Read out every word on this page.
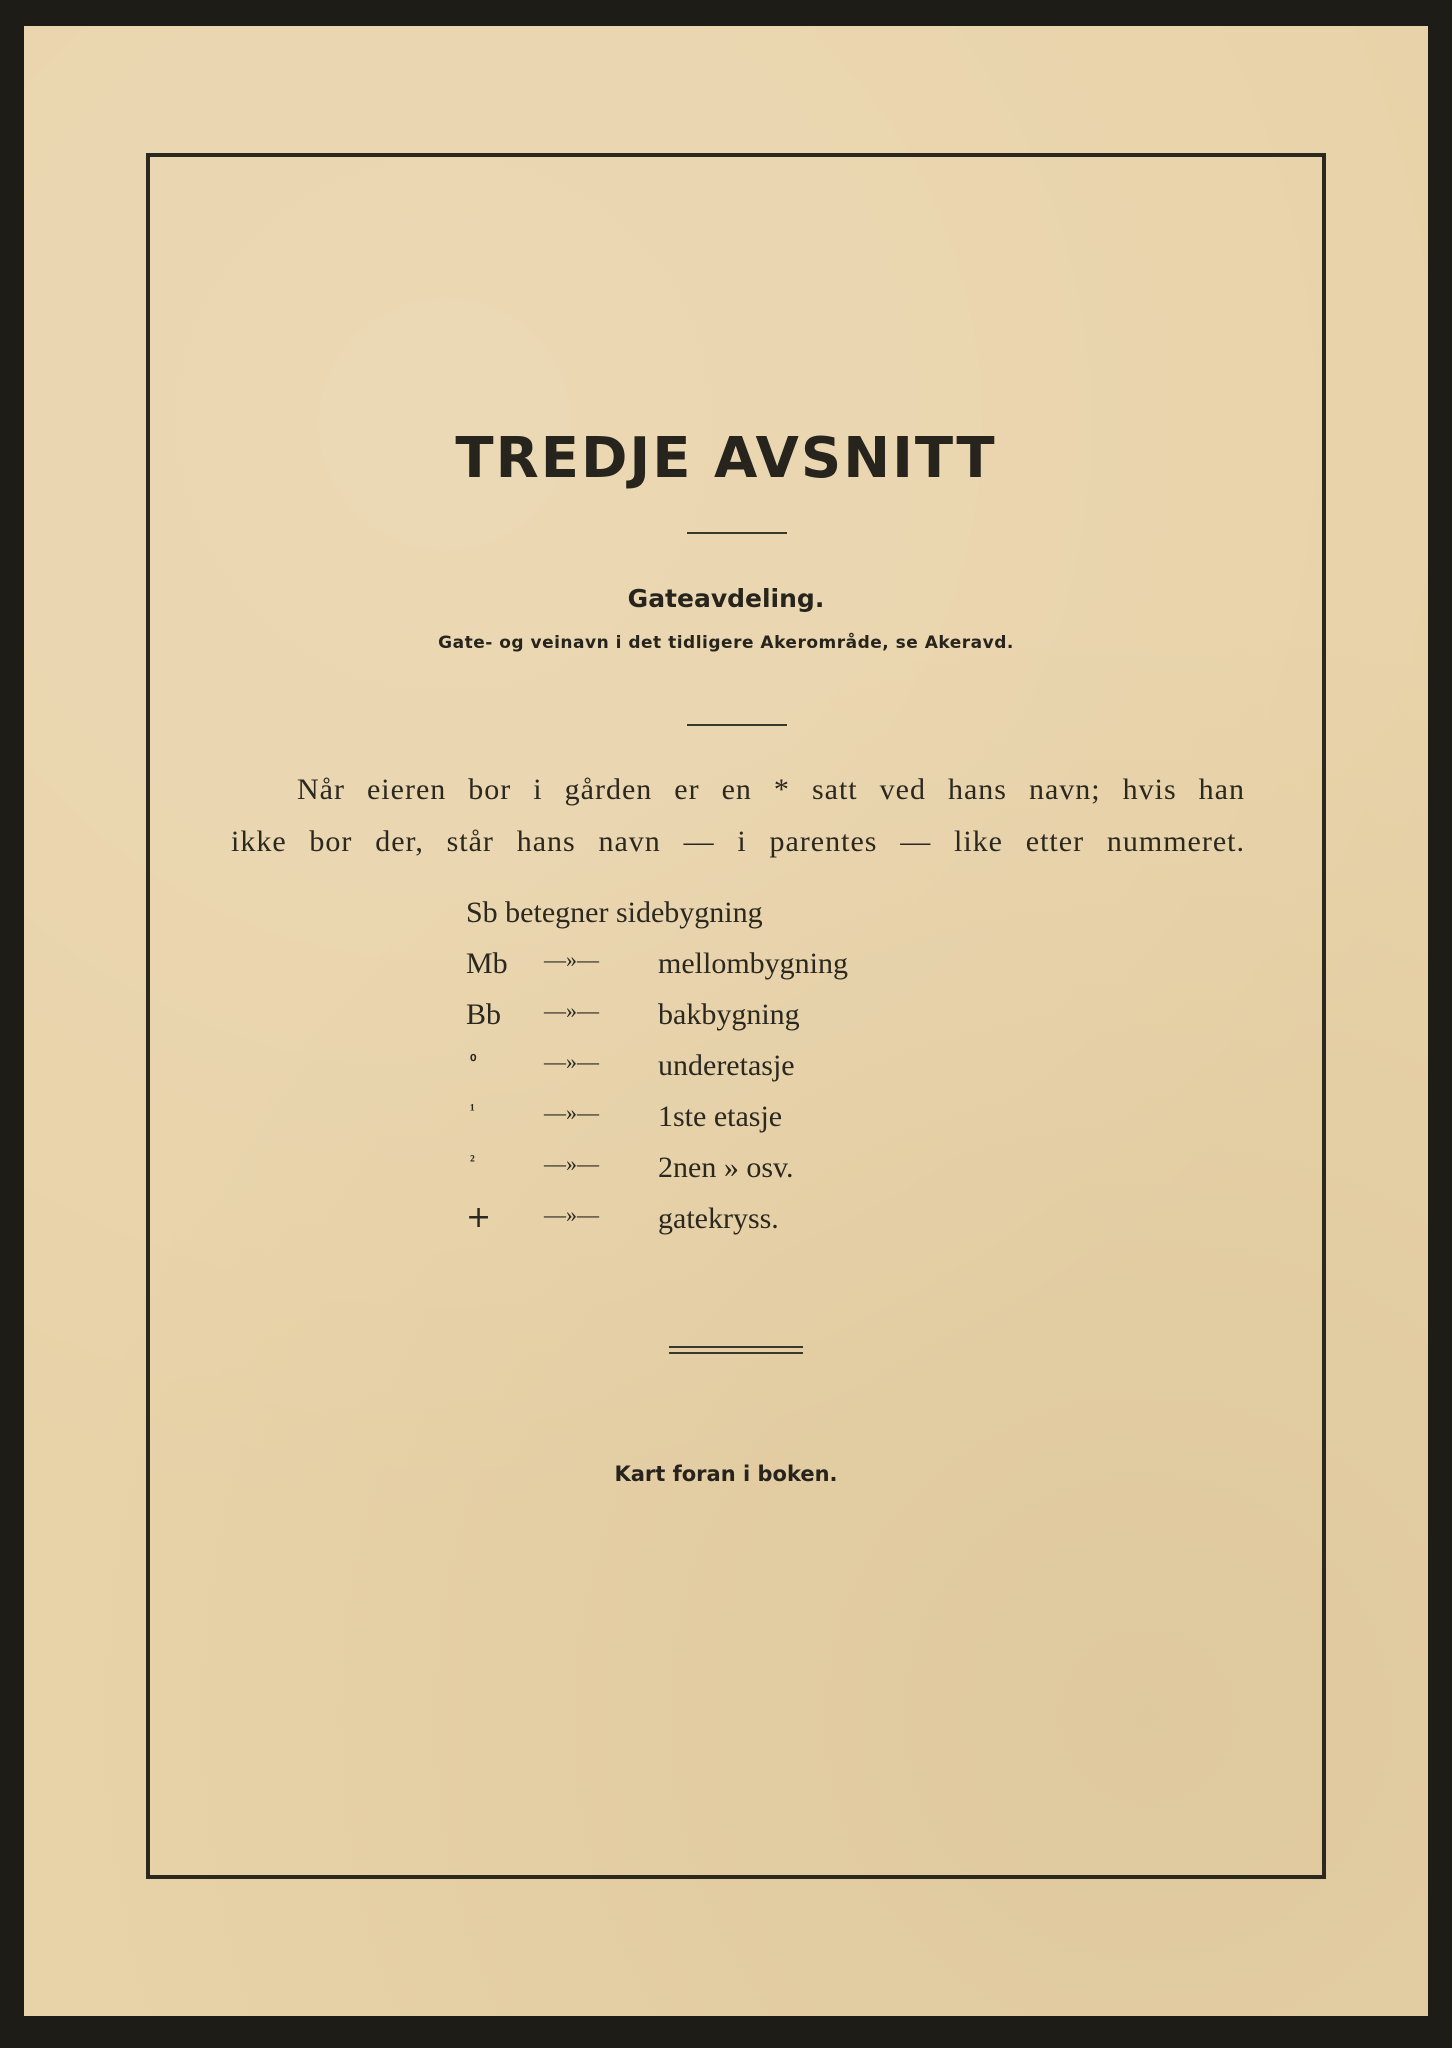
TREDJE AVSNITT
Gateavdeling.
Gate- og veinavn i det tidligere Akerområde, se Akeravd.
Når eieren bor i gården er en * satt ved hans navn; hvis han
ikke bor der, står hans navn — i parentes — like etter nummeret.
Sb betegner sidebygning
Mb —»— mellombygning
Bb —»— bakbygning
⁰	—»— underetasje
¹	—»— 1ste etasje
²	—»— 2nen » osv.
+ —»— gatekryss.
Kart foran i boken.
